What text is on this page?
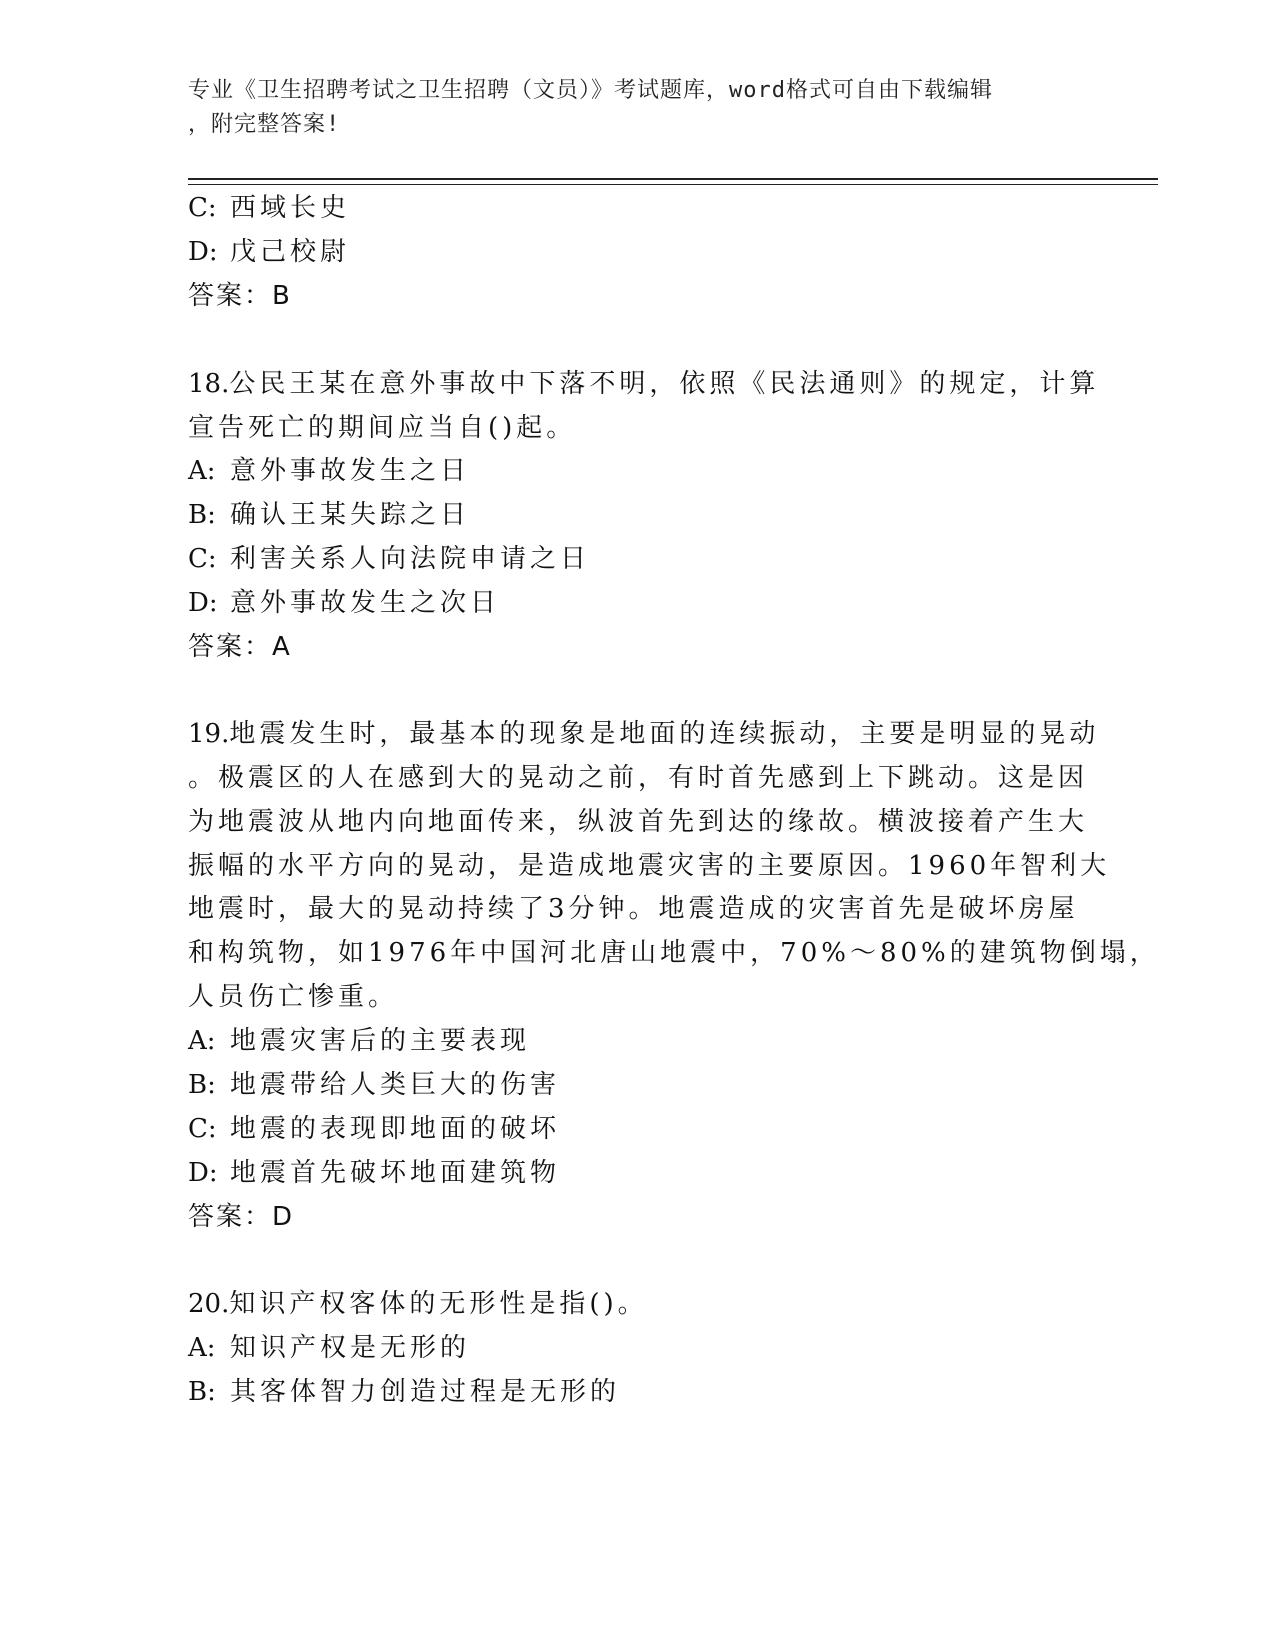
专业《卫生招聘考试之卫生招聘（文员）》考试题库，word格式可自由下载编辑
，附完整答案!
C: 西域长史
D: 戊己校尉
答案：B
18.公民王某在意外事故中下落不明，依照《民法通则》的规定，计算
宣告死亡的期间应当自()起。
A: 意外事故发生之日
B: 确认王某失踪之日
C: 利害关系人向法院申请之日
D: 意外事故发生之次日
答案：A
19.地震发生时，最基本的现象是地面的连续振动，主要是明显的晃动
。极震区的人在感到大的晃动之前，有时首先感到上下跳动。这是因
为地震波从地内向地面传来，纵波首先到达的缘故。横波接着产生大
振幅的水平方向的晃动，是造成地震灾害的主要原因。1960年智利大
地震时，最大的晃动持续了3分钟。地震造成的灾害首先是破坏房屋
和构筑物，如1976年中国河北唐山地震中，70%～80%的建筑物倒塌，
人员伤亡惨重。
A: 地震灾害后的主要表现
B: 地震带给人类巨大的伤害
C: 地震的表现即地面的破坏
D: 地震首先破坏地面建筑物
答案：D
20.知识产权客体的无形性是指()。
A: 知识产权是无形的
B: 其客体智力创造过程是无形的
